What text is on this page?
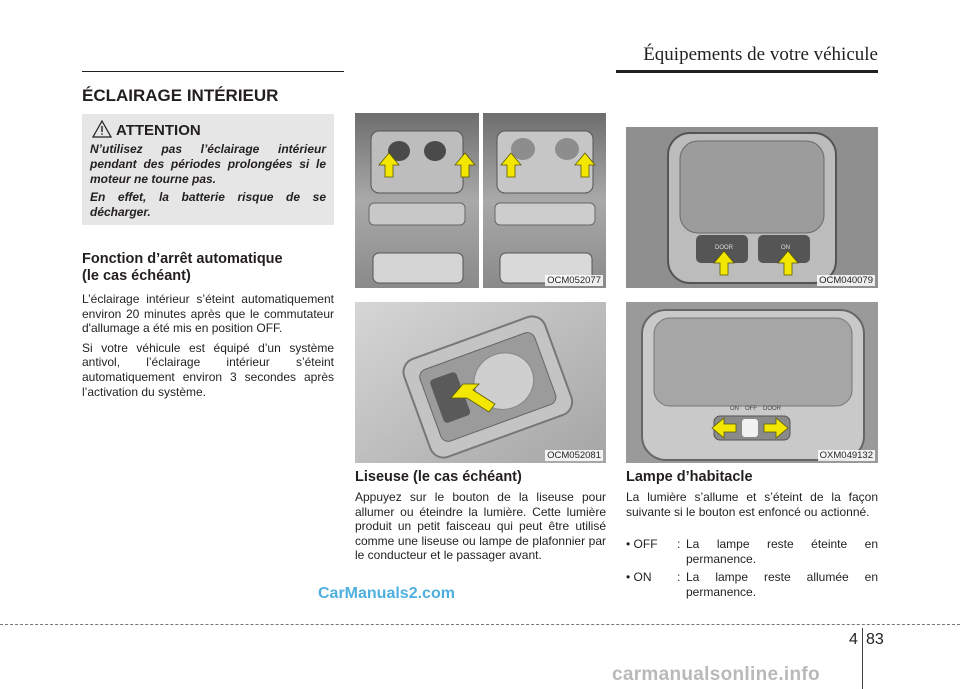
Équipements de votre véhicule
ÉCLAIRAGE INTÉRIEUR
ATTENTION

N’utilisez pas l’éclairage intérieur pendant des périodes prolongées si le moteur ne tourne pas.

En effet, la batterie risque de se décharger.

Fonction d’arrêt automatique

(le cas échéant)

L’éclairage intérieur s’éteint automatiquement environ 20 minutes après que le commutateur d'allumage a été mis en position OFF.

Si votre véhicule est équipé d’un système antivol, l’éclairage intérieur s’éteint automatiquement environ 3 secondes après l’activation du système.

OCM052077
OCM052081
DOOR	ON
OCM040079
ON OFF DOOR
OXM049132

Liseuse (le cas échéant)

Appuyez sur le bouton de la liseuse pour allumer ou éteindre la lumière. Cette lumière produit un petit faisceau qui peut être utilisé comme une liseuse ou lampe de plafonnier par le conducteur et le passager avant.

Lampe d’habitacle

La lumière s’allume et s’éteint de la façon suivante si le bouton est enfoncé ou actionné.

• OFF : La lampe reste éteinte en permanence.
• ON : La lampe reste allumée en permanence.
CarManuals2.com
4 83
carmanualsonline.info
